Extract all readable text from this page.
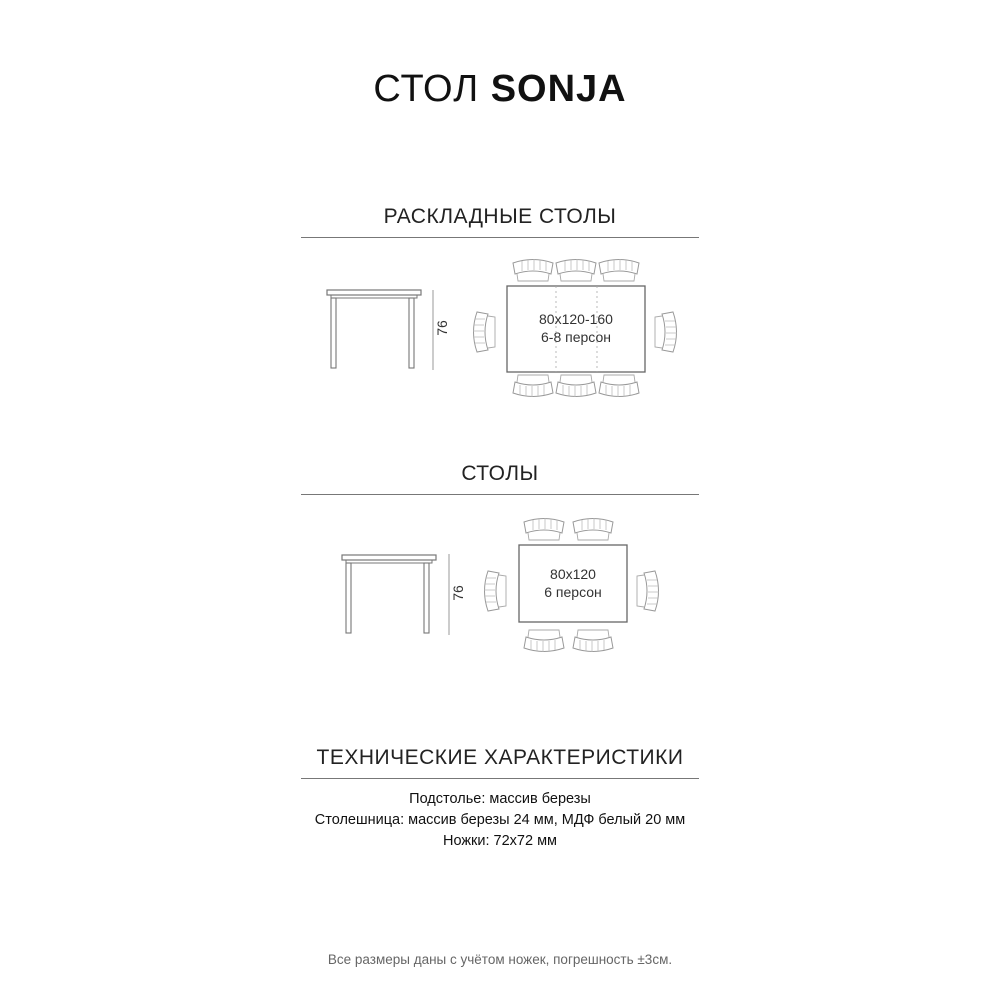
СТОЛ SONJA
РАСКЛАДНЫЕ СТОЛЫ
76
80x120-160
6-8 персон
СТОЛЫ
76
80x120
6 персон
ТЕХНИЧЕСКИЕ ХАРАКТЕРИСТИКИ
Подстолье: массив березы
Столешница: массив березы 24 мм, МДФ белый 20 мм
Ножки: 72х72 мм
Все размеры даны с учётом ножек, погрешность ±3см.
